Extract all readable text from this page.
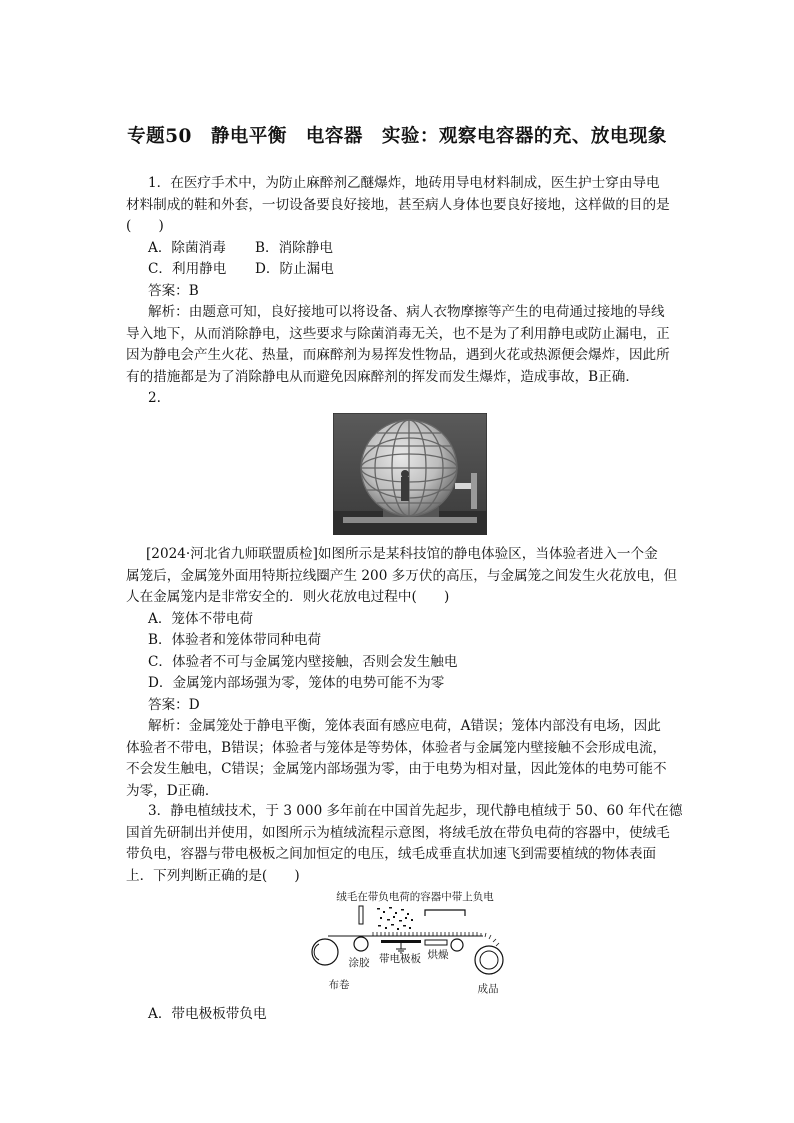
专题50　静电平衡　电容器　实验：观察电容器的充、放电现象
1．在医疗手术中，为防止麻醉剂乙醚爆炸，地砖用导电材料制成，医生护士穿由导电
材料制成的鞋和外套，一切设备要良好接地，甚至病人身体也要良好接地，这样做的目的是
(　　)
A．除菌消毒 B．消除静电
C．利用静电 D．防止漏电
答案：B
解析：由题意可知，良好接地可以将设备、病人衣物摩擦等产生的电荷通过接地的导线
导入地下，从而消除静电，这些要求与除菌消毒无关，也不是为了利用静电或防止漏电，正
因为静电会产生火花、热量，而麻醉剂为易挥发性物品，遇到火花或热源便会爆炸，因此所
有的措施都是为了消除静电从而避免因麻醉剂的挥发而发生爆炸，造成事故，B正确．
2.
[2024·河北省九师联盟质检]如图所示是某科技馆的静电体验区，当体验者进入一个金
属笼后，金属笼外面用特斯拉线圈产生 200 多万伏的高压，与金属笼之间发生火花放电，但
人在金属笼内是非常安全的．则火花放电过程中(　　)
A．笼体不带电荷
B．体验者和笼体带同种电荷
C．体验者不可与金属笼内壁接触，否则会发生触电
D．金属笼内部场强为零，笼体的电势可能不为零
答案：D
解析：金属笼处于静电平衡，笼体表面有感应电荷，A错误；笼体内部没有电场，因此
体验者不带电，B错误；体验者与笼体是等势体，体验者与金属笼内壁接触不会形成电流，
不会发生触电，C错误；金属笼内部场强为零，由于电势为相对量，因此笼体的电势可能不
为零，D正确．
3．静电植绒技术，于 3 000 多年前在中国首先起步，现代静电植绒于 50、60 年代在德
国首先研制出并使用，如图所示为植绒流程示意图，将绒毛放在带负电荷的容器中，使绒毛
带负电，容器与带电极板之间加恒定的电压，绒毛成垂直状加速飞到需要植绒的物体表面
上．下列判断正确的是(　　)
绒毛在带负电荷的容器中带上负电
涂胶 带电极板 烘燥
布卷	成品
A．带电极板带负电
